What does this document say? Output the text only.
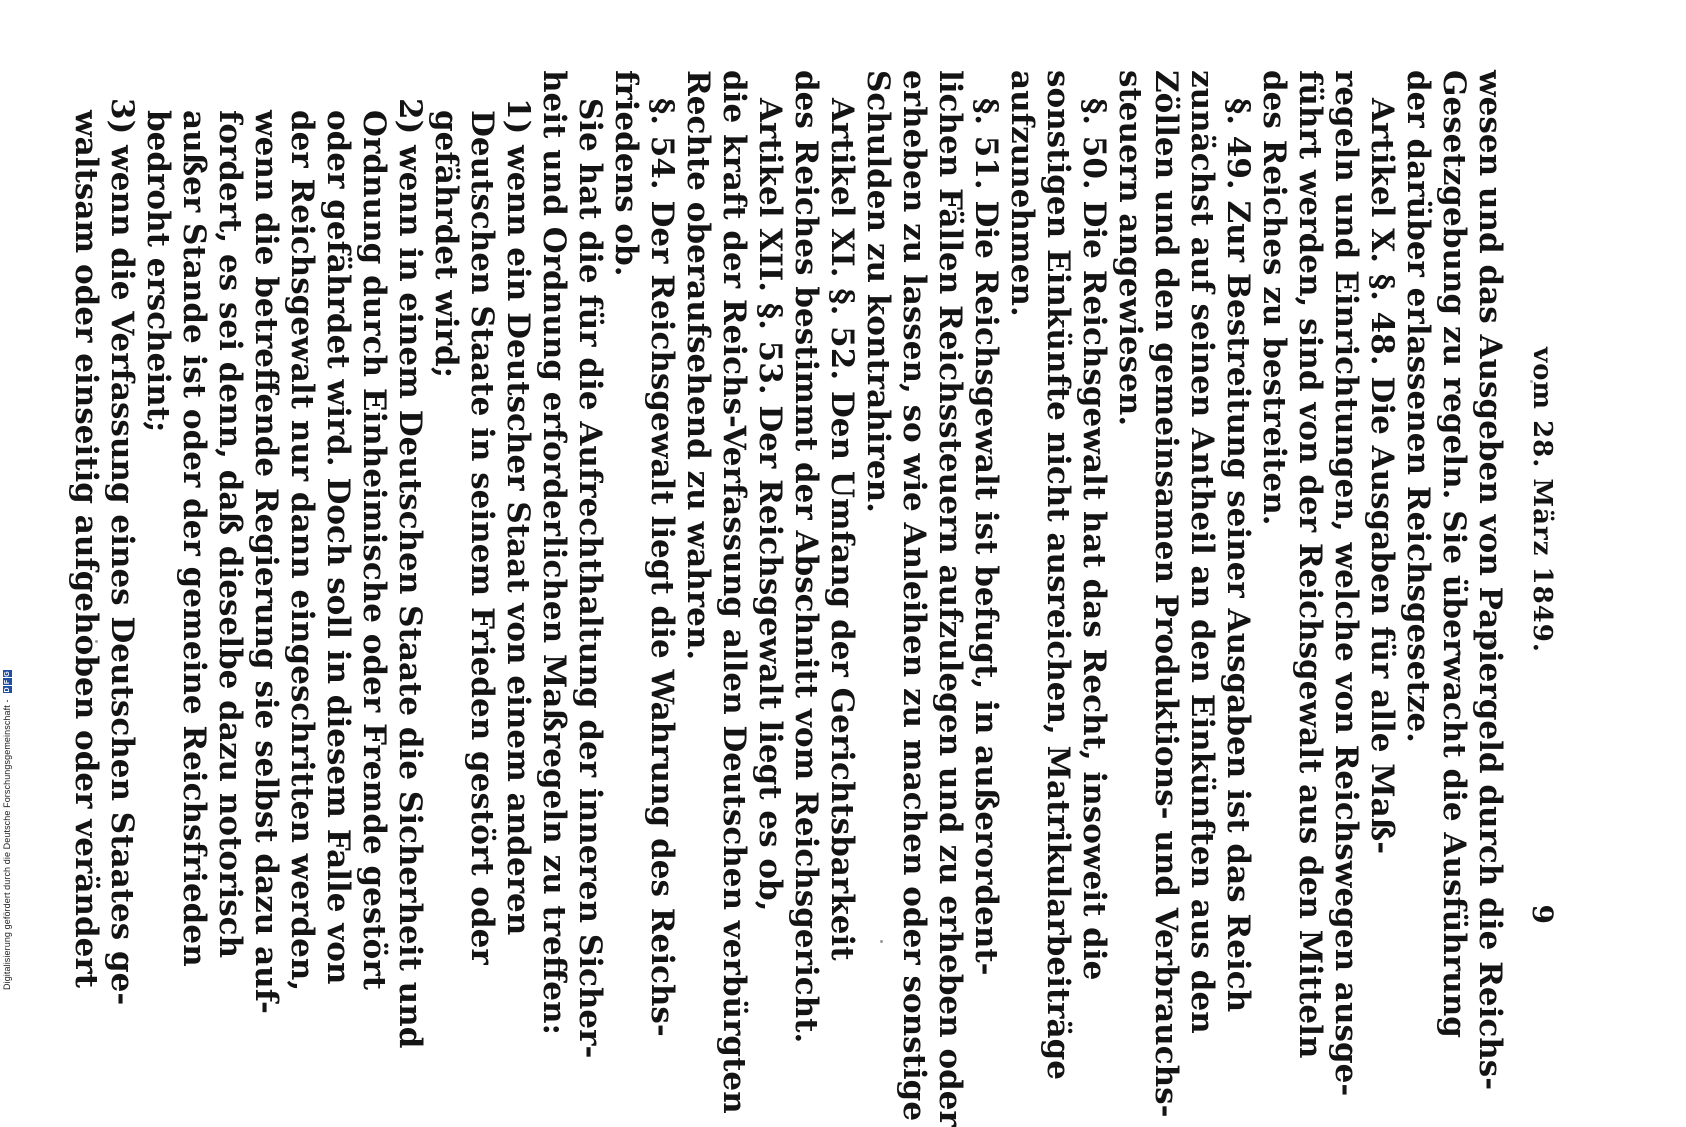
Digitalisierung gefördert durch die Deutsche Forschungsgemeinschaft -
D
F
G
vom 28. März 1849.
9

wesen und das Ausgeben von Papiergeld durch die Reichs-

Gesetzgebung zu regeln. Sie überwacht die Ausführung

der darüber erlassenen Reichsgesetze.

Artikel X. §. 48. Die Ausgaben für alle Maß-

regeln und Einrichtungen, welche von Reichswegen ausge-

führt werden, sind von der Reichsgewalt aus den Mitteln

des Reiches zu bestreiten.

§. 49. Zur Bestreitung seiner Ausgaben ist das Reich

zunächst auf seinen Antheil an den Einkünften aus den

Zöllen und den gemeinsamen Produktions- und Verbrauchs-

steuern angewiesen.

§. 50. Die Reichsgewalt hat das Recht, insoweit die

sonstigen Einkünfte nicht ausreichen, Matrikularbeiträge

aufzunehmen.

§. 51. Die Reichsgewalt ist befugt, in außerordent-

lichen Fällen Reichssteuern aufzulegen und zu erheben oder

erheben zu lassen, so wie Anleihen zu machen oder sonstige

Schulden zu kontrahiren.

Artikel XI. §. 52. Den Umfang der Gerichtsbarkeit

des Reiches bestimmt der Abschnitt vom Reichsgericht.

Artikel XII. §. 53. Der Reichsgewalt liegt es ob,

die kraft der Reichs-Verfassung allen Deutschen verbürgten

Rechte oberaufsehend zu wahren.

§. 54. Der Reichsgewalt liegt die Wahrung des Reichs-

friedens ob.

Sie hat die für die Aufrechthaltung der inneren Sicher-

heit und Ordnung erforderlichen Maßregeln zu treffen:

1) wenn ein Deutscher Staat von einem anderen

Deutschen Staate in seinem Frieden gestört oder

gefährdet wird;

2) wenn in einem Deutschen Staate die Sicherheit und

Ordnung durch Einheimische oder Fremde gestört

oder gefährdet wird. Doch soll in diesem Falle von

der Reichsgewalt nur dann eingeschritten werden,

wenn die betreffende Regierung sie selbst dazu auf-

fordert, es sei denn, daß dieselbe dazu notorisch

außer Stande ist oder der gemeine Reichsfrieden

bedroht erscheint;

3) wenn die Verfassung eines Deutschen Staates ge-

waltsam oder einseitig aufgehoben oder verändert
